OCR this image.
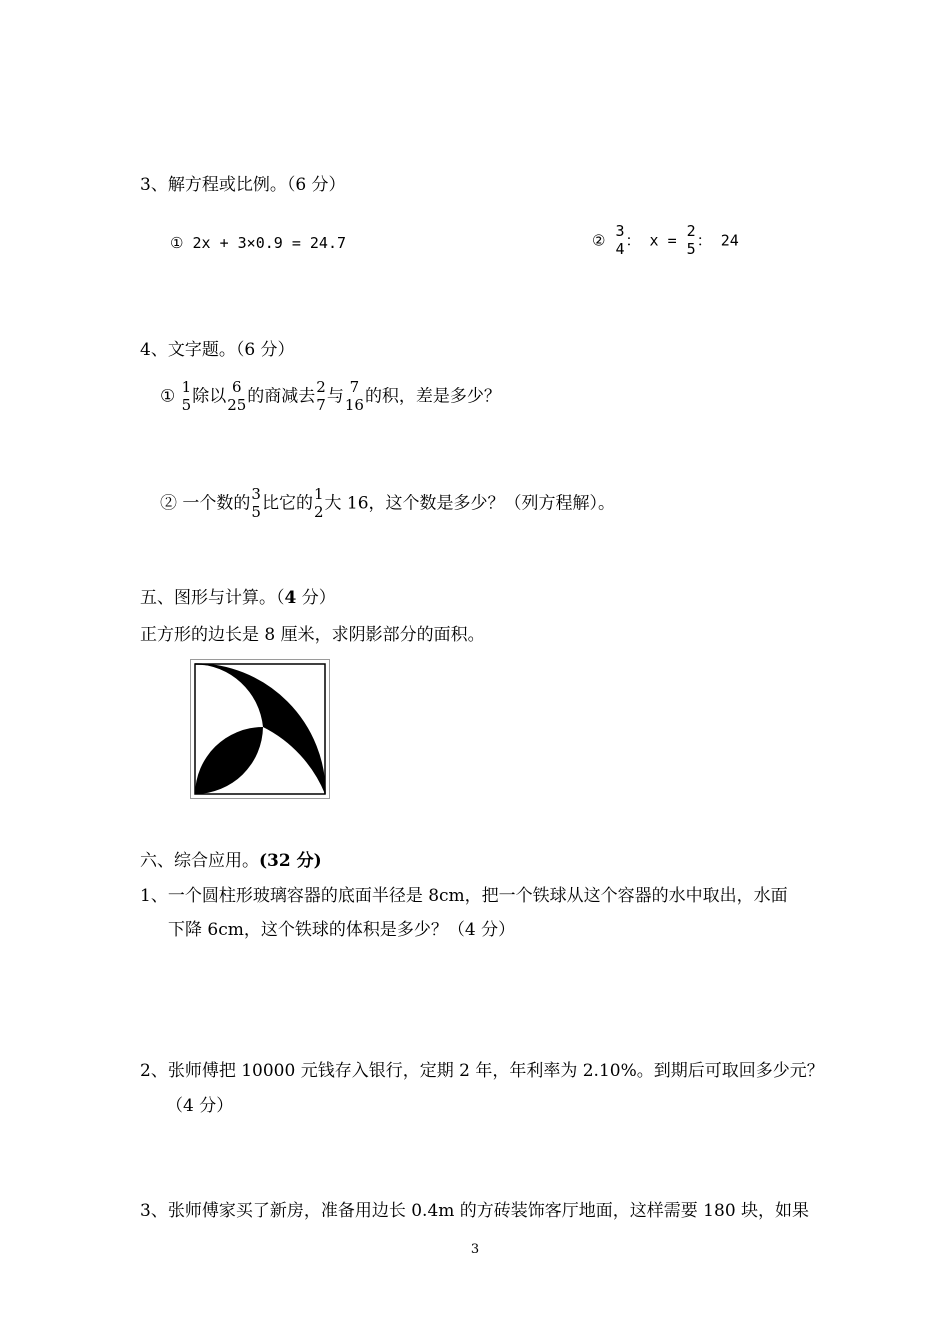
3、解方程或比例。（6 分）
① 2x + 3×0.9 = 24.7	②
3
4 ： x =
2
5 ： 24
4、文字题。（6 分）
① 1
5 除以 6
25 的商减去 2
7 与 7
16 的积，差是多少？
② 一个数的 3
5 比它的 1
2 大 16，这个数是多少？（列方程解）。
五、图形与计算。（4 分）
正方形的边长是 8 厘米，求阴影部分的面积。
六、综合应用。(32 分)
1、一个圆柱形玻璃容器的底面半径是 8cm，把一个铁球从这个容器的水中取出，水面
下降 6cm，这个铁球的体积是多少？（4 分）
2、张师傅把 10000 元钱存入银行，定期 2 年，年利率为 2.10%。到期后可取回多少元？
（4 分）
3、张师傅家买了新房，准备用边长 0.4m 的方砖装饰客厅地面，这样需要 180 块，如果
3
